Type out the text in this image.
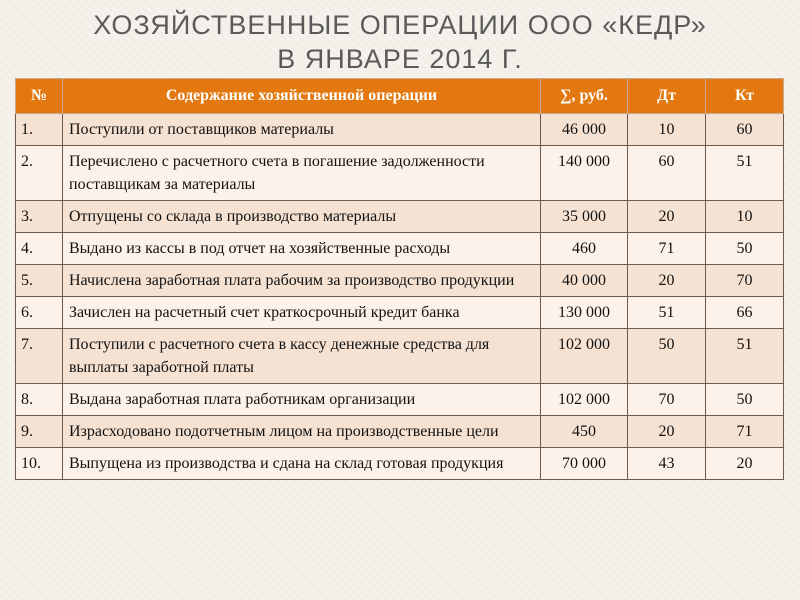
ХОЗЯЙСТВЕННЫЕ ОПЕРАЦИИ ООО «КЕДР»
В ЯНВАРЕ 2014 Г.
№	Содержание хозяйственной операции	∑, руб.	Дт	Кт
1.	Поступили от поставщиков материалы	46 000	10	60
2.	Перечислено с расчетного счета в погашение задолженности поставщикам за материалы	140 000	60	51
3.	Отпущены со склада в производство материалы	35 000	20	10
4.	Выдано из кассы в под отчет на хозяйственные расходы	460	71	50
5.	Начислена заработная плата рабочим за производство продукции	40 000	20	70
6.	Зачислен на расчетный счет краткосрочный кредит банка	130 000	51	66
7.	Поступили с расчетного счета в кассу денежные средства для выплаты заработной платы	102 000	50	51
8.	Выдана заработная плата работникам организации	102 000	70	50
9.	Израсходовано подотчетным лицом на производственные цели	450	20	71
10.	Выпущена из производства и сдана на склад готовая продукция	70 000	43	20
